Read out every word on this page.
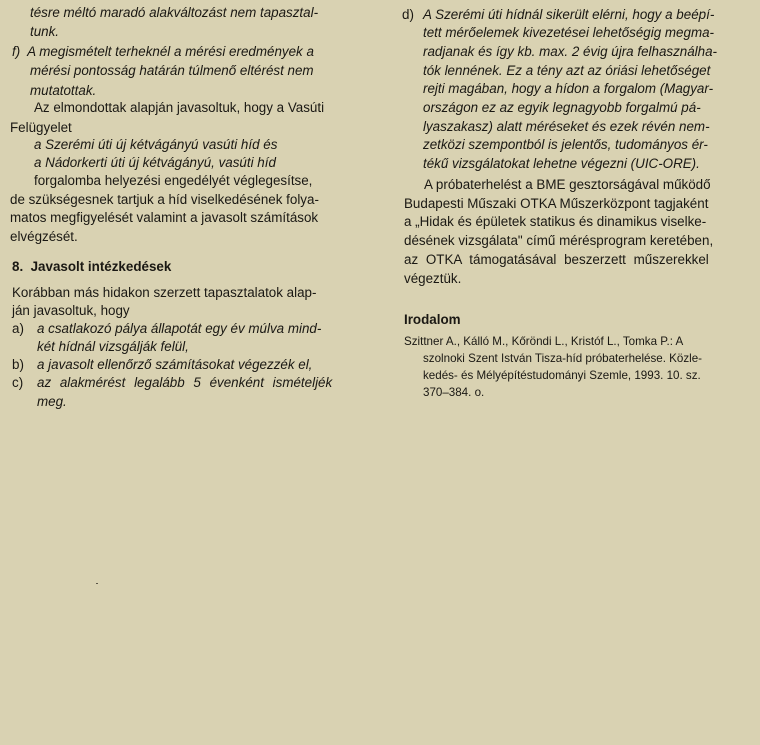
tésre méltó maradó alakváltozást nem tapasztal-
tunk.
f)  A megismételt terheknél a mérési eredmények a
mérési pontosság határán túlmenő eltérést nem
mutatottak.
Az elmondottak alapján javasoltuk, hogy a Vasúti
Felügyelet
a Szerémi úti új kétvágányú vasúti híd és
a Nádorkerti úti új kétvágányú, vasúti híd
forgalomba helyezési engedélyét véglegesítse,
de szükségesnek tartjuk a híd viselkedésének folya-
matos megfigyelését valamint a javasolt számítások
elvégzését.
8.  Javasolt intézkedések
Korábban más hidakon szerzett tapasztalatok alap-
ján javasoltuk, hogy
a) a csatlakozó pálya állapotát egy év múlva mind-
két hídnál vizsgálják felül,
b) a javasolt ellenőrző számításokat végezzék el,
c) az alakmérést legalább 5 évenként ismételjék
meg.
d) A Szerémi úti hídnál sikerült elérni, hogy a bеépí-
tett mérőelemek kivezetései lehetőségig megma-
radjanak és így kb. max. 2 évig újra felhasználha-
tók lennének. Ez a tény azt az óriási lehetőséget
rejti magában, hogy a hídon a forgalom (Magyar-
országon ez az egyik legnagyobb forgalmú pá-
lyaszakasz) alatt méréseket és ezek révén nem-
zetközi szempontból is jelentős, tudományos ér-
tékű vizsgálatokat lehetne végezni (UIC-ORE).
A próbaterhelést a BME gesztorságával működő
Budapesti Műszaki OTKA Műszerközpont tagjaként
a „Hidak és épületek statikus és dinamikus viselke-
désének vizsgálata" című mérésprogram keretében,
az OTKA támogatásával beszerzett műszerekkel
végeztük.
Irodalom
Szittner A., Kálló M., Kőröndi L., Kristóf L., Tomka P.: A
szolnoki Szent István Tisza-híd próbaterhelése. Közle-
kedés- és Mélyépítéstudományi Szemle, 1993. 10. sz.
370–384. o.
